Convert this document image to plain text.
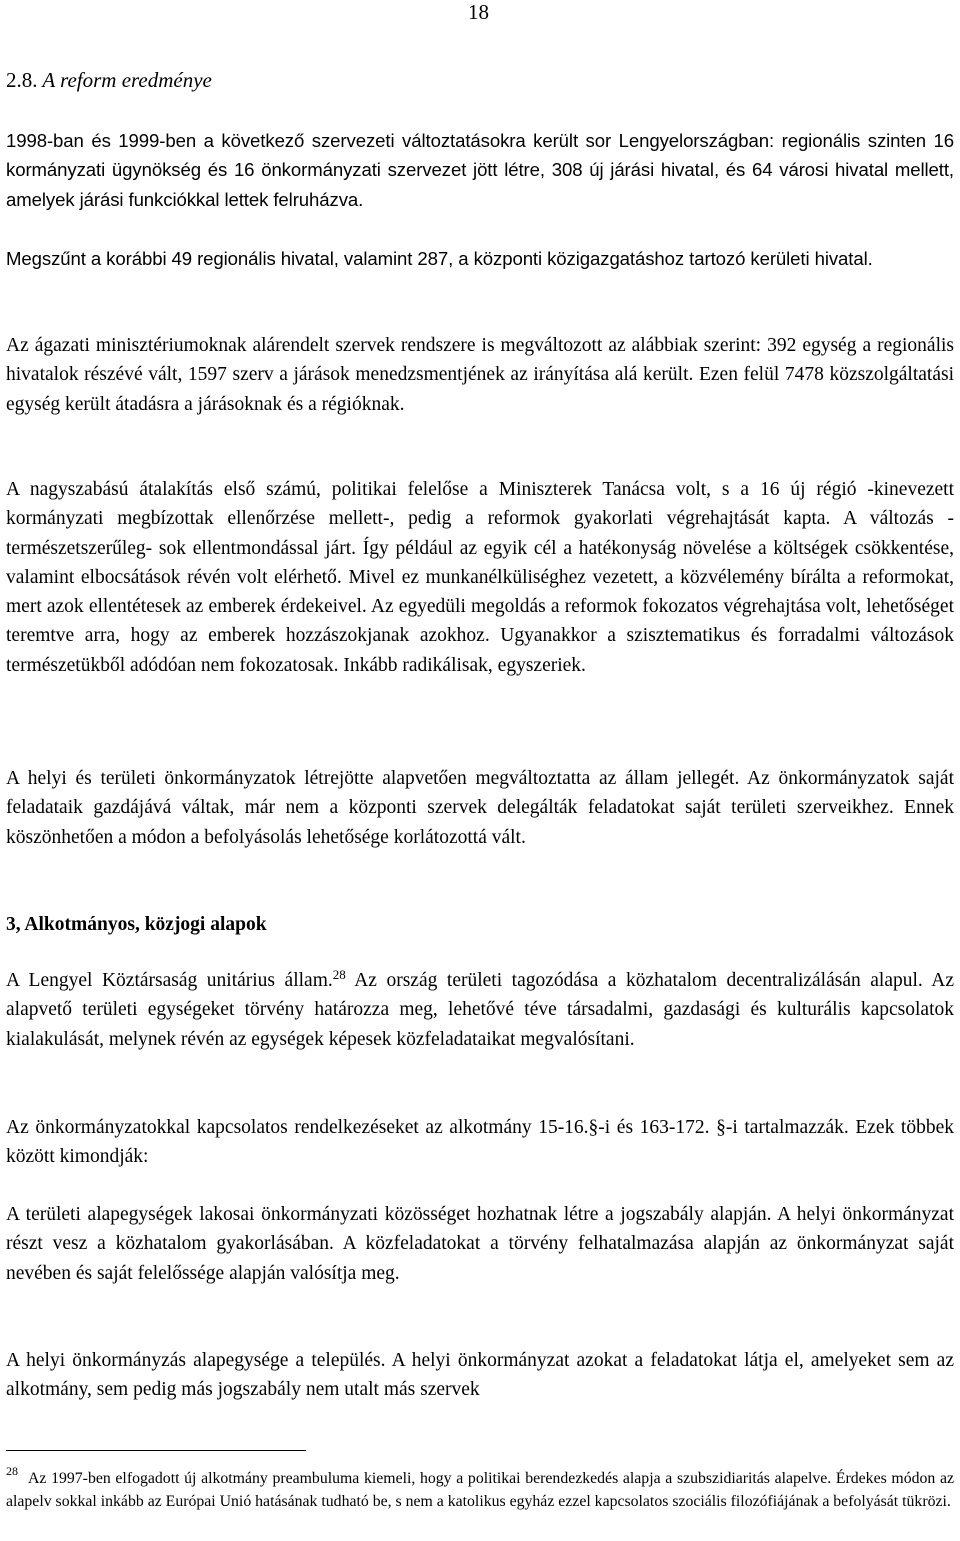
18
2.8. A reform eredménye
1998-ban és 1999-ben a következő szervezeti változtatásokra került sor Lengyelországban: regionális szinten 16 kormányzati ügynökség és 16 önkormányzati szervezet jött létre, 308 új járási hivatal, és 64 városi hivatal mellett, amelyek járási funkciókkal lettek felruházva.
Megszűnt a korábbi 49 regionális hivatal, valamint 287, a központi közigazgatáshoz tartozó kerületi hivatal.
Az ágazati minisztériumoknak alárendelt szervek rendszere is megváltozott az alábbiak szerint: 392 egység a regionális hivatalok részévé vált, 1597 szerv a járások menedzsmentjének az irányítása alá került. Ezen felül 7478 közszolgáltatási egység került átadásra a járásoknak és a régióknak.
A nagyszabású átalakítás első számú, politikai felelőse a Miniszterek Tanácsa volt, s a 16 új régió -kinevezett kormányzati megbízottak ellenőrzése mellett-, pedig a reformok gyakorlati végrehajtását kapta. A változás -természetszerűleg- sok ellentmondással járt. Így például az egyik cél a hatékonyság növelése a költségek csökkentése, valamint elbocsátások révén volt elérhető. Mivel ez munkanélküliséghez vezetett, a közvélemény bírálta a reformokat, mert azok ellentétesek az emberek érdekeivel. Az egyedüli megoldás a reformok fokozatos végrehajtása volt, lehetőséget teremtve arra, hogy az emberek hozzászokjanak azokhoz. Ugyanakkor a szisztematikus és forradalmi változások természetükből adódóan nem fokozatosak. Inkább radikálisak, egyszeriek.
A helyi és területi önkormányzatok létrejötte alapvetően megváltoztatta az állam jellegét. Az önkormányzatok saját feladataik gazdájává váltak, már nem a központi szervek delegálták feladatokat saját területi szerveikhez. Ennek köszönhetően a módon a befolyásolás lehetősége korlátozottá vált.
3, Alkotmányos, közjogi alapok
A Lengyel Köztársaság unitárius állam.$^{28}$ Az ország területi tagozódása a közhatalom decentralizálásán alapul. Az alapvető területi egységeket törvény határozza meg, lehetővé téve társadalmi, gazdasági és kulturális kapcsolatok kialakulását, melynek révén az egységek képesek közfeladataikat megvalósítani.
Az önkormányzatokkal kapcsolatos rendelkezéseket az alkotmány 15-16.§-i és 163-172. §-i tartalmazzák. Ezek többek között kimondják:
A területi alapegységek lakosai önkormányzati közösséget hozhatnak létre a jogszabály alapján. A helyi önkormányzat részt vesz a közhatalom gyakorlásában. A közfeladatokat a törvény felhatalmazása alapján az önkormányzat saját nevében és saját felelőssége alapján valósítja meg.
A helyi önkormányzás alapegysége a település. A helyi önkormányzat azokat a feladatokat látja el, amelyeket sem az alkotmány, sem pedig más jogszabály nem utalt más szervek
$^{28}$ Az 1997-ben elfogadott új alkotmány preambuluma kiemeli, hogy a politikai berendezkedés alapja a szubszidiaritás alapelve. Érdekes módon az alapelv sokkal inkább az Európai Unió hatásának tudható be, s nem a katolikus egyház ezzel kapcsolatos szociális filozófiájának a befolyását tükrözi.
